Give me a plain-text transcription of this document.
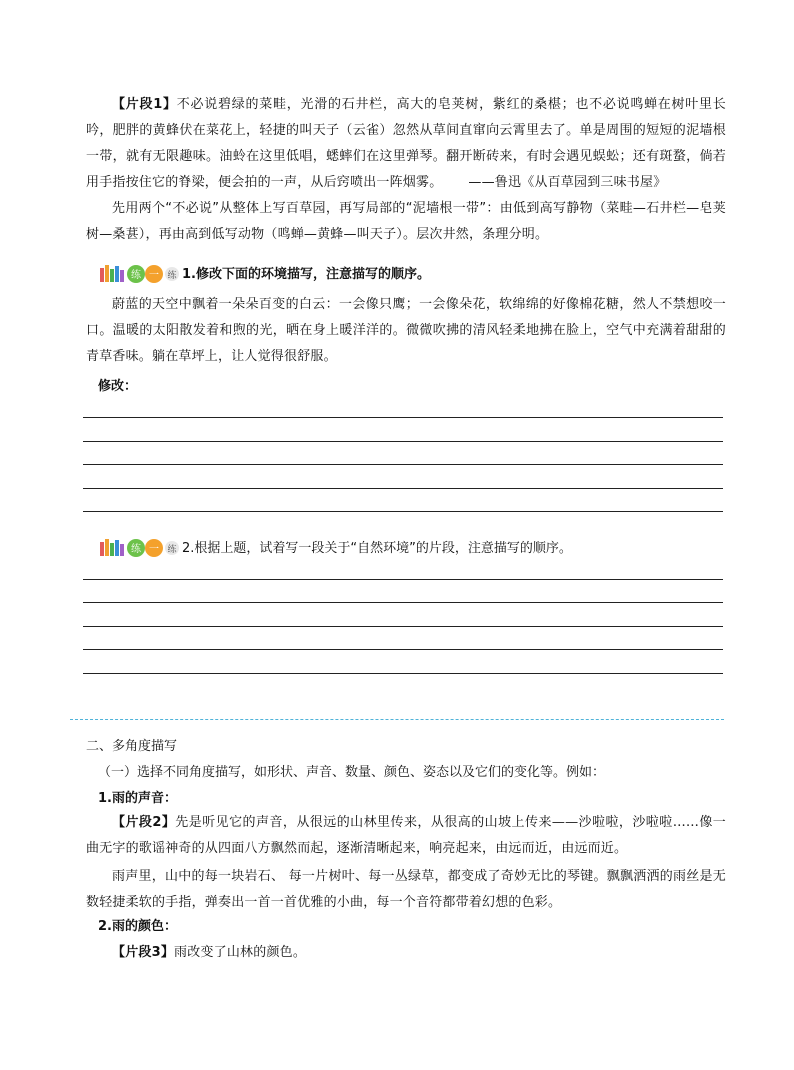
【片段1】不必说碧绿的菜畦，光滑的石井栏，高大的皂荚树，紫红的桑椹；也不必说鸣蝉在树叶里长吟，肥胖的黄蜂伏在菜花上，轻捷的叫天子（云雀）忽然从草间直窜向云霄里去了。单是周围的短短的泥墙根一带，就有无限趣味。油蛉在这里低唱，蟋蟀们在这里弹琴。翻开断砖来，有时会遇见蜈蚣；还有斑蝥，倘若用手指按住它的脊梁，便会拍的一声，从后窍喷出一阵烟雾。 ——鲁迅《从百草园到三味书屋》

先用两个“不必说”从整体上写百草园，再写局部的“泥墙根一带”：由低到高写静物（菜畦—石井栏—皂荚树—桑葚），再由高到低写动物（鸣蝉—黄蜂—叫天子）。层次井然，条理分明。

练 一 练 1.修改下面的环境描写，注意描写的顺序。

蔚蓝的天空中飘着一朵朵百变的白云：一会像只鹰；一会像朵花，软绵绵的好像棉花糖，然人不禁想咬一口。温暖的太阳散发着和煦的光，晒在身上暖洋洋的。微微吹拂的清风轻柔地拂在脸上，空气中充满着甜甜的青草香味。躺在草坪上，让人觉得很舒服。

修改：
练 一 练 2.根据上题，试着写一段关于“自然环境”的片段，注意描写的顺序。
二、多角度描写
（一）选择不同角度描写，如形状、声音、数量、颜色、姿态以及它们的变化等。例如：
1.雨的声音：

【片段2】先是听见它的声音，从很远的山林里传来，从很高的山坡上传来——沙啦啦，沙啦啦……像一曲无字的歌谣神奇的从四面八方飘然而起，逐渐清晰起来，响亮起来，由远而近，由远而近。

雨声里，山中的每一块岩石、 每一片树叶、每一丛绿草，都变成了奇妙无比的琴键。飘飘洒洒的雨丝是无数轻捷柔软的手指，弹奏出一首一首优雅的小曲，每一个音符都带着幻想的色彩。

2.雨的颜色：

【片段3】雨改变了山林的颜色。
